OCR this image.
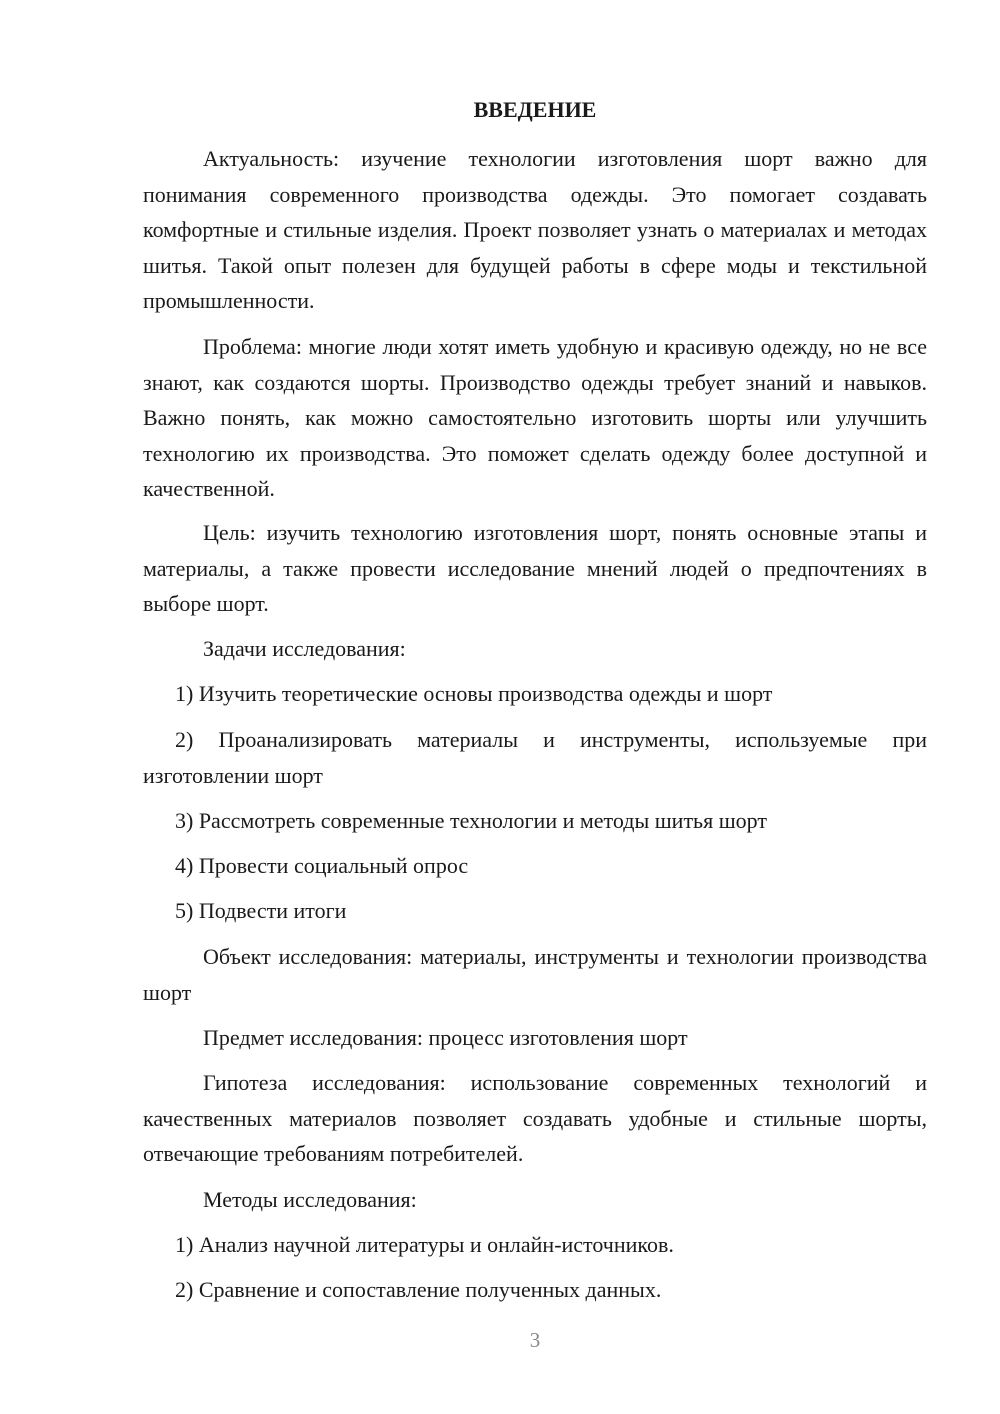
ВВЕДЕНИЕ

Актуальность: изучение технологии изготовления шорт важно для понимания современного производства одежды. Это помогает создавать комфортные и стильные изделия. Проект позволяет узнать о материалах и методах шитья. Такой опыт полезен для будущей работы в сфере моды и текстильной промышленности.

Проблема: многие люди хотят иметь удобную и красивую одежду, но не все знают, как создаются шорты. Производство одежды требует знаний и навыков. Важно понять, как можно самостоятельно изготовить шорты или улучшить технологию их производства. Это поможет сделать одежду более доступной и качественной.

Цель: изучить технологию изготовления шорт, понять основные этапы и материалы, а также провести исследование мнений людей о предпочтениях в выборе шорт.

Задачи исследования:

1) Изучить теоретические основы производства одежды и шорт

2) Проанализировать материалы и инструменты, используемые при изготовлении шорт

3) Рассмотреть современные технологии и методы шитья шорт

4) Провести социальный опрос

5) Подвести итоги

Объект исследования: материалы, инструменты и технологии производства шорт

Предмет исследования: процесс изготовления шорт

Гипотеза исследования: использование современных технологий и качественных материалов позволяет создавать удобные и стильные шорты, отвечающие требованиям потребителей.

Методы исследования:

1) Анализ научной литературы и онлайн-источников.

2) Сравнение и сопоставление полученных данных.

3
